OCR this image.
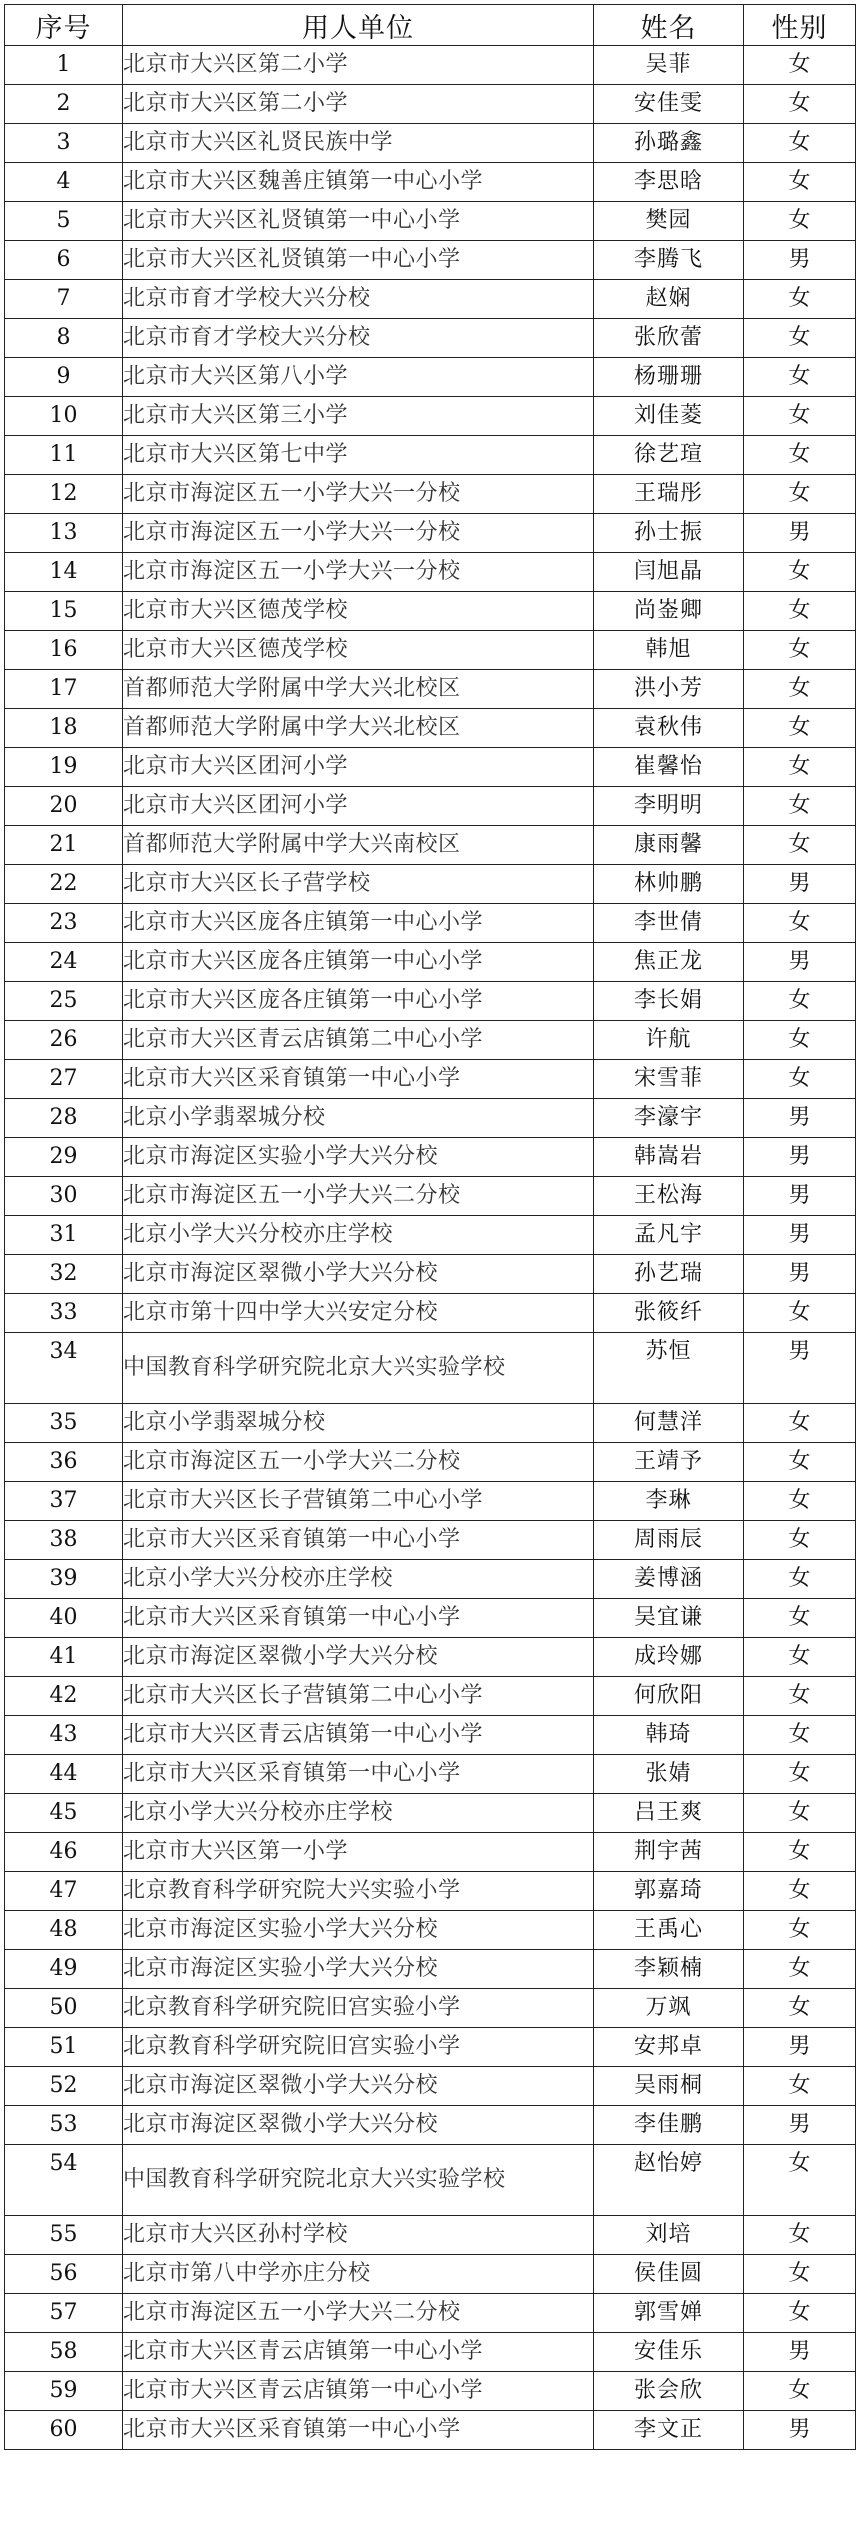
序号	用人单位	姓名	性别
1	北京市大兴区第二小学	吴菲	女
2	北京市大兴区第二小学	安佳雯	女
3	北京市大兴区礼贤民族中学	孙璐鑫	女
4	北京市大兴区魏善庄镇第一中心小学	李思晗	女
5	北京市大兴区礼贤镇第一中心小学	樊园	女
6	北京市大兴区礼贤镇第一中心小学	李腾飞	男
7	北京市育才学校大兴分校	赵娴	女
8	北京市育才学校大兴分校	张欣蕾	女
9	北京市大兴区第八小学	杨珊珊	女
10	北京市大兴区第三小学	刘佳菱	女
11	北京市大兴区第七中学	徐艺瑄	女
12	北京市海淀区五一小学大兴一分校	王瑞彤	女
13	北京市海淀区五一小学大兴一分校	孙士振	男
14	北京市海淀区五一小学大兴一分校	闫旭晶	女
15	北京市大兴区德茂学校	尚崟卿	女
16	北京市大兴区德茂学校	韩旭	女
17	首都师范大学附属中学大兴北校区	洪小芳	女
18	首都师范大学附属中学大兴北校区	袁秋伟	女
19	北京市大兴区团河小学	崔馨怡	女
20	北京市大兴区团河小学	李明明	女
21	首都师范大学附属中学大兴南校区	康雨馨	女
22	北京市大兴区长子营学校	林帅鹏	男
23	北京市大兴区庞各庄镇第一中心小学	李世倩	女
24	北京市大兴区庞各庄镇第一中心小学	焦正龙	男
25	北京市大兴区庞各庄镇第一中心小学	李长娟	女
26	北京市大兴区青云店镇第二中心小学	许航	女
27	北京市大兴区采育镇第一中心小学	宋雪菲	女
28	北京小学翡翠城分校	李濠宇	男
29	北京市海淀区实验小学大兴分校	韩嵩岩	男
30	北京市海淀区五一小学大兴二分校	王松海	男
31	北京小学大兴分校亦庄学校	孟凡宇	男
32	北京市海淀区翠微小学大兴分校	孙艺瑞	男
33	北京市第十四中学大兴安定分校	张筱纤	女
34	中国教育科学研究院北京大兴实验学校	苏恒	男
35	北京小学翡翠城分校	何慧洋	女
36	北京市海淀区五一小学大兴二分校	王靖予	女
37	北京市大兴区长子营镇第二中心小学	李琳	女
38	北京市大兴区采育镇第一中心小学	周雨辰	女
39	北京小学大兴分校亦庄学校	姜博涵	女
40	北京市大兴区采育镇第一中心小学	吴宜谦	女
41	北京市海淀区翠微小学大兴分校	成玲娜	女
42	北京市大兴区长子营镇第二中心小学	何欣阳	女
43	北京市大兴区青云店镇第一中心小学	韩琦	女
44	北京市大兴区采育镇第一中心小学	张婧	女
45	北京小学大兴分校亦庄学校	吕王爽	女
46	北京市大兴区第一小学	荆宇茜	女
47	北京教育科学研究院大兴实验小学	郭嘉琦	女
48	北京市海淀区实验小学大兴分校	王禹心	女
49	北京市海淀区实验小学大兴分校	李颖楠	女
50	北京教育科学研究院旧宫实验小学	万飒	女
51	北京教育科学研究院旧宫实验小学	安邦卓	男
52	北京市海淀区翠微小学大兴分校	吴雨桐	女
53	北京市海淀区翠微小学大兴分校	李佳鹏	男
54	中国教育科学研究院北京大兴实验学校	赵怡婷	女
55	北京市大兴区孙村学校	刘培	女
56	北京市第八中学亦庄分校	侯佳圆	女
57	北京市海淀区五一小学大兴二分校	郭雪婵	女
58	北京市大兴区青云店镇第一中心小学	安佳乐	男
59	北京市大兴区青云店镇第一中心小学	张会欣	女
60	北京市大兴区采育镇第一中心小学	李文正	男
